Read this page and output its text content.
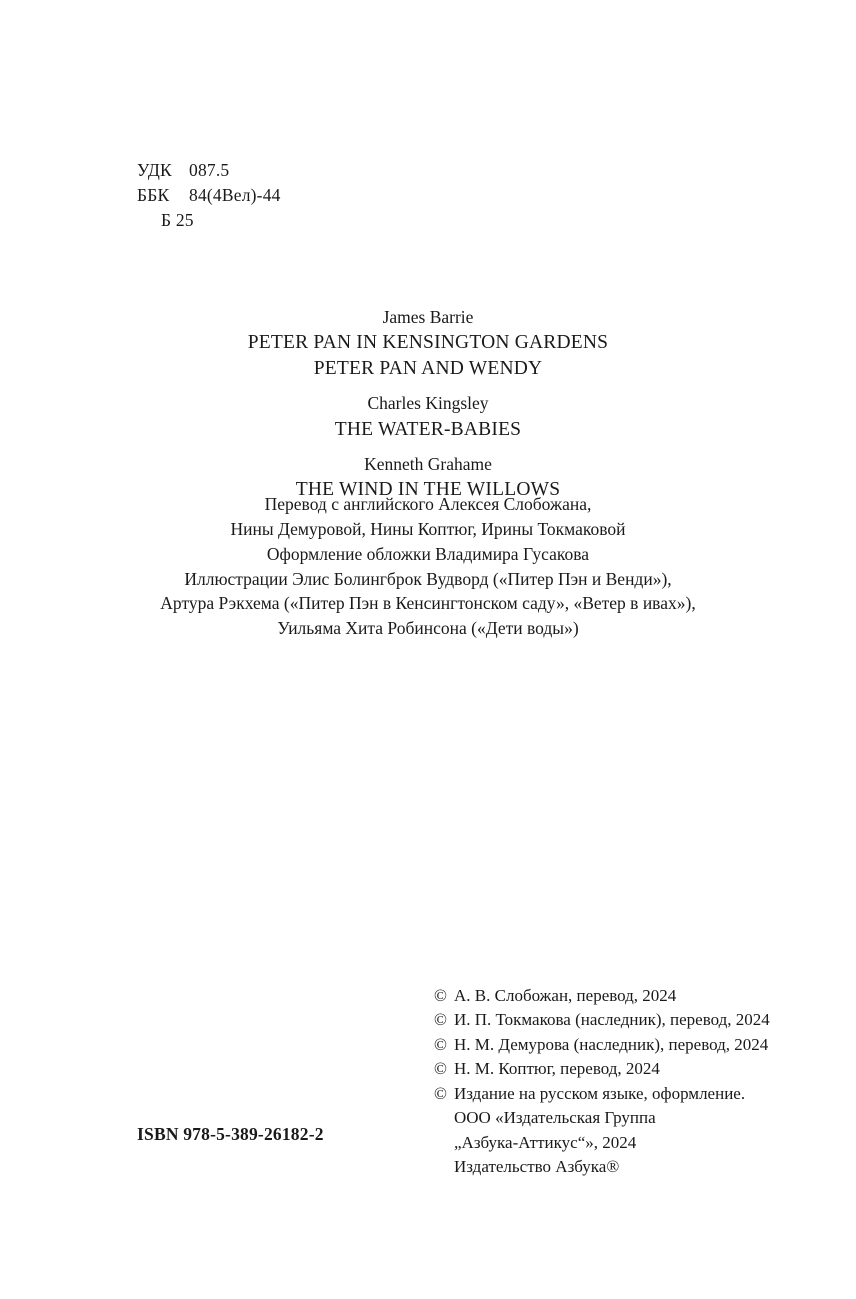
УДК 087.5
ББК 84(4Вел)-44
Б 25

James Barrie

PETER PAN IN KENSINGTON GARDENS

PETER PAN AND WENDY

Charles Kingsley

THE WATER-BABIES

Kenneth Grahame

THE WIND IN THE WILLOWS

Перевод с английского Алексея Слобожана,
Нины Демуровой, Нины Коптюг, Ирины Токмаковой
Оформление обложки Владимира Гусакова
Иллюстрации Элис Болингброк Вудворд («Питер Пэн и Венди»),
Артура Рэкхема («Питер Пэн в Кенсингтонском саду», «Ветер в ивах»),
Уильяма Хита Робинсона («Дети воды»)
© А. В. Слобожан, перевод, 2024
© И. П. Токмакова (наследник), перевод, 2024
© Н. М. Демурова (наследник), перевод, 2024
© Н. М. Коптюг, перевод, 2024
© Издание на русском языке, оформление.
ООО «Издательская Группа
„Азбука-Аттикус“», 2024
Издательство Азбука®
ISBN 978-5-389-26182-2
